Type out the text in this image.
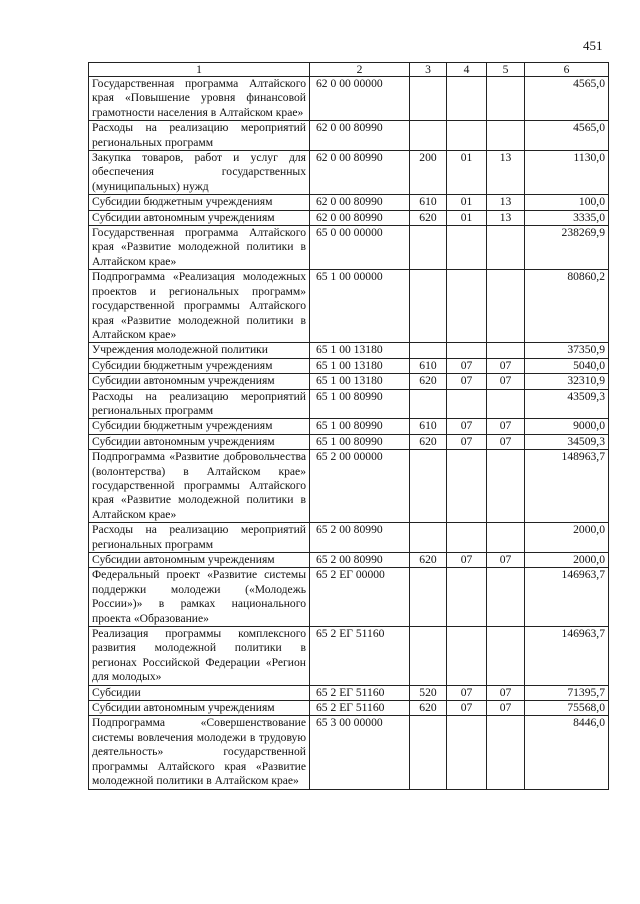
451
1	2	3	4	5	6
Государственная программа Алтайского края «Повышение уровня финансовой грамотности населения в Алтайском крае»	62 0 00 00000				4565,0
Расходы на реализацию мероприятий региональных программ	62 0 00 80990				4565,0
Закупка товаров, работ и услуг для обеспечения государственных (муниципальных) нужд	62 0 00 80990	200	01	13	1130,0
Субсидии бюджетным учреждениям	62 0 00 80990	610	01	13	100,0
Субсидии автономным учреждениям	62 0 00 80990	620	01	13	3335,0
Государственная программа Алтайского края «Развитие молодежной политики в Алтайском крае»	65 0 00 00000				238269,9
Подпрограмма «Реализация молодежных проектов и региональных программ» государственной программы Алтайского края «Развитие молодежной политики в Алтайском крае»	65 1 00 00000				80860,2
Учреждения молодежной политики	65 1 00 13180				37350,9
Субсидии бюджетным учреждениям	65 1 00 13180	610	07	07	5040,0
Субсидии автономным учреждениям	65 1 00 13180	620	07	07	32310,9
Расходы на реализацию мероприятий региональных программ	65 1 00 80990				43509,3
Субсидии бюджетным учреждениям	65 1 00 80990	610	07	07	9000,0
Субсидии автономным учреждениям	65 1 00 80990	620	07	07	34509,3
Подпрограмма «Развитие добровольчества (волонтерства) в Алтайском крае» государственной программы Алтайского края «Развитие молодежной политики в Алтайском крае»	65 2 00 00000				148963,7
Расходы на реализацию мероприятий региональных программ	65 2 00 80990				2000,0
Субсидии автономным учреждениям	65 2 00 80990	620	07	07	2000,0
Федеральный проект «Развитие системы поддержки молодежи («Молодежь России»)» в рамках национального проекта «Образование»	65 2 ЕГ 00000				146963,7
Реализация программы комплексного развития молодежной политики в регионах Российской Федерации «Регион для молодых»	65 2 ЕГ 51160				146963,7
Субсидии	65 2 ЕГ 51160	520	07	07	71395,7
Субсидии автономным учреждениям	65 2 ЕГ 51160	620	07	07	75568,0
Подпрограмма «Совершенствование системы вовлечения молодежи в трудовую деятельность» государственной программы Алтайского края «Развитие молодежной политики в Алтайском крае»	65 3 00 00000				8446,0
